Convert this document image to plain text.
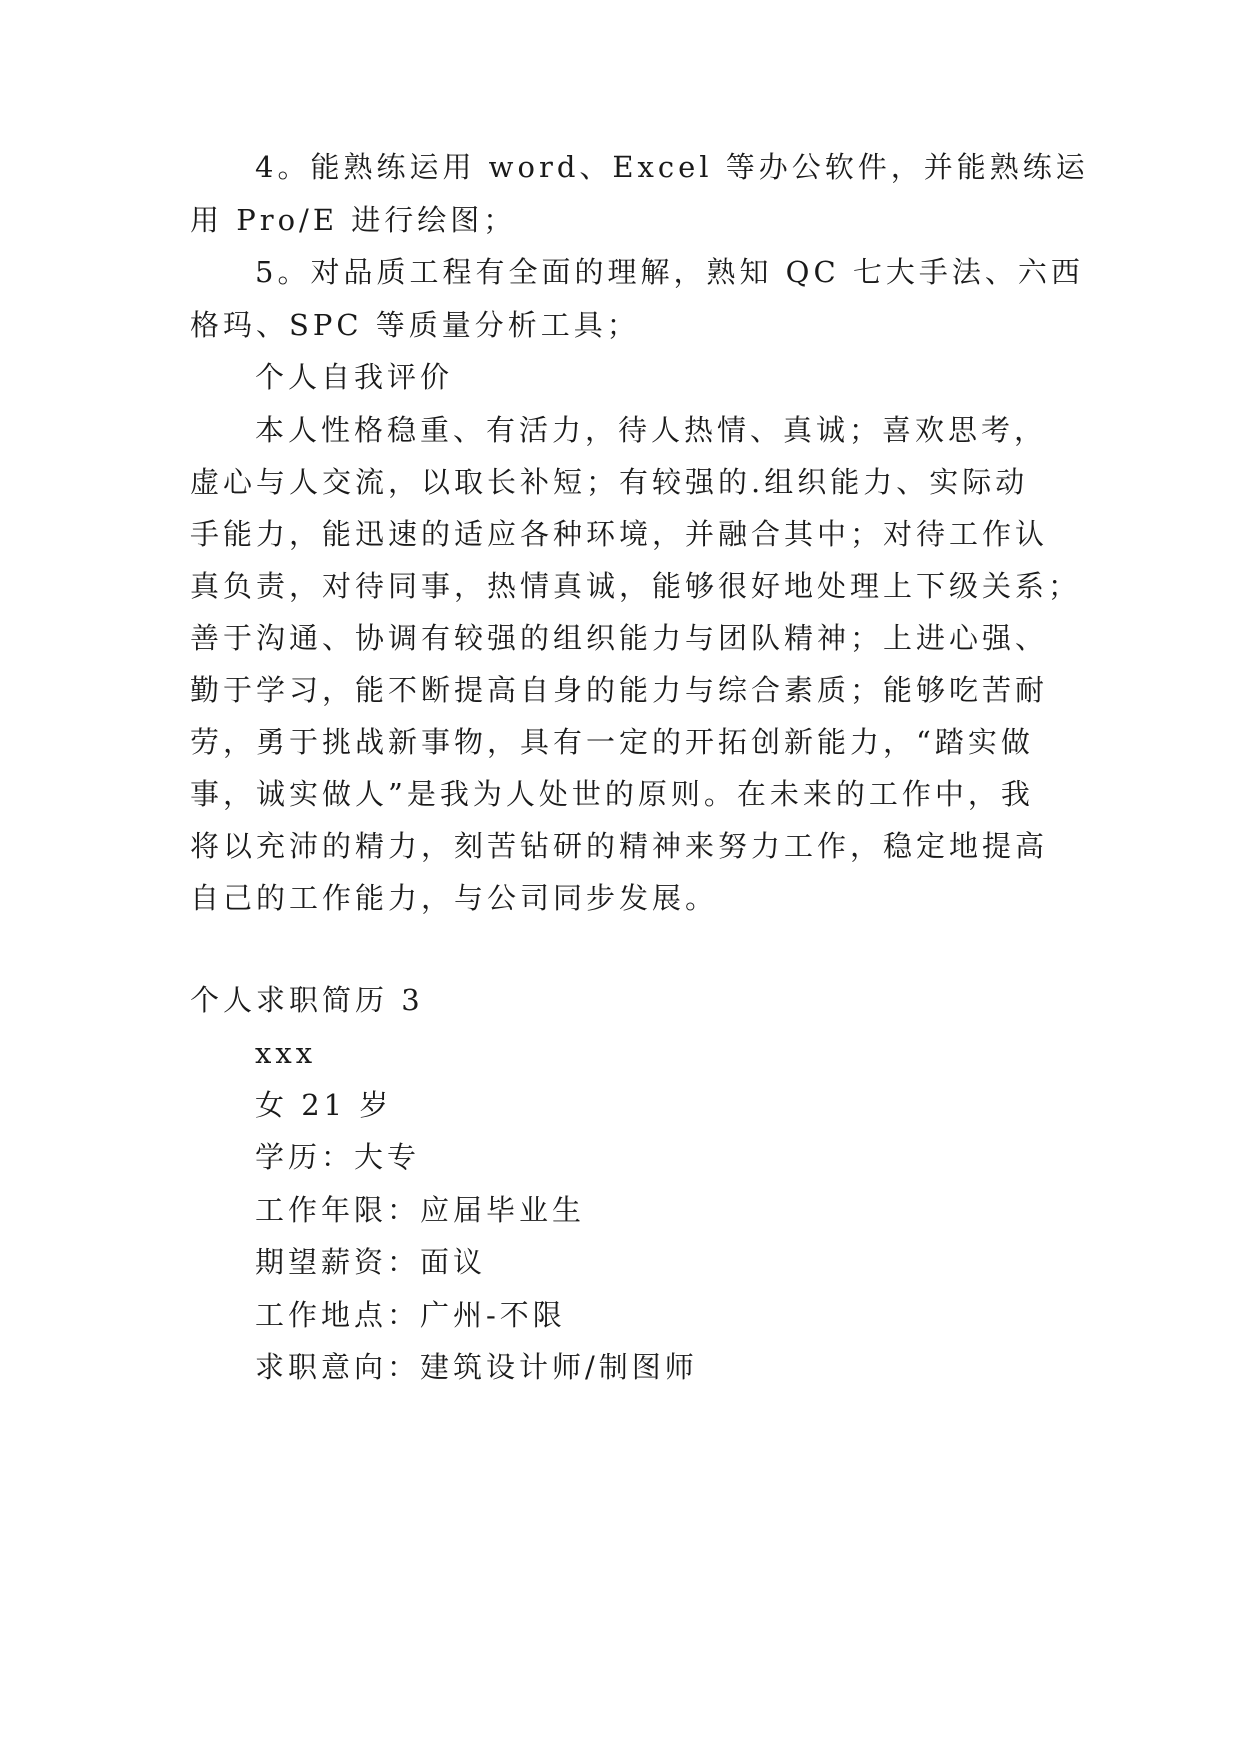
4。能熟练运用 word、Excel 等办公软件，并能熟练运
用 Pro/E 进行绘图；
5。对品质工程有全面的理解，熟知 QC 七大手法、六西
格玛、SPC 等质量分析工具；
个人自我评价
本人性格稳重、有活力，待人热情、真诚；喜欢思考，
虚心与人交流，以取长补短；有较强的.组织能力、实际动
手能力，能迅速的适应各种环境，并融合其中；对待工作认
真负责，对待同事，热情真诚，能够很好地处理上下级关系；
善于沟通、协调有较强的组织能力与团队精神；上进心强、
勤于学习，能不断提高自身的能力与综合素质；能够吃苦耐
劳，勇于挑战新事物，具有一定的开拓创新能力，“踏实做
事，诚实做人”是我为人处世的原则。在未来的工作中，我
将以充沛的精力，刻苦钻研的精神来努力工作，稳定地提高
自己的工作能力，与公司同步发展。
个人求职简历 3
xxx
女 21 岁
学历：大专
工作年限：应届毕业生
期望薪资：面议
工作地点：广州-不限
求职意向：建筑设计师/制图师
